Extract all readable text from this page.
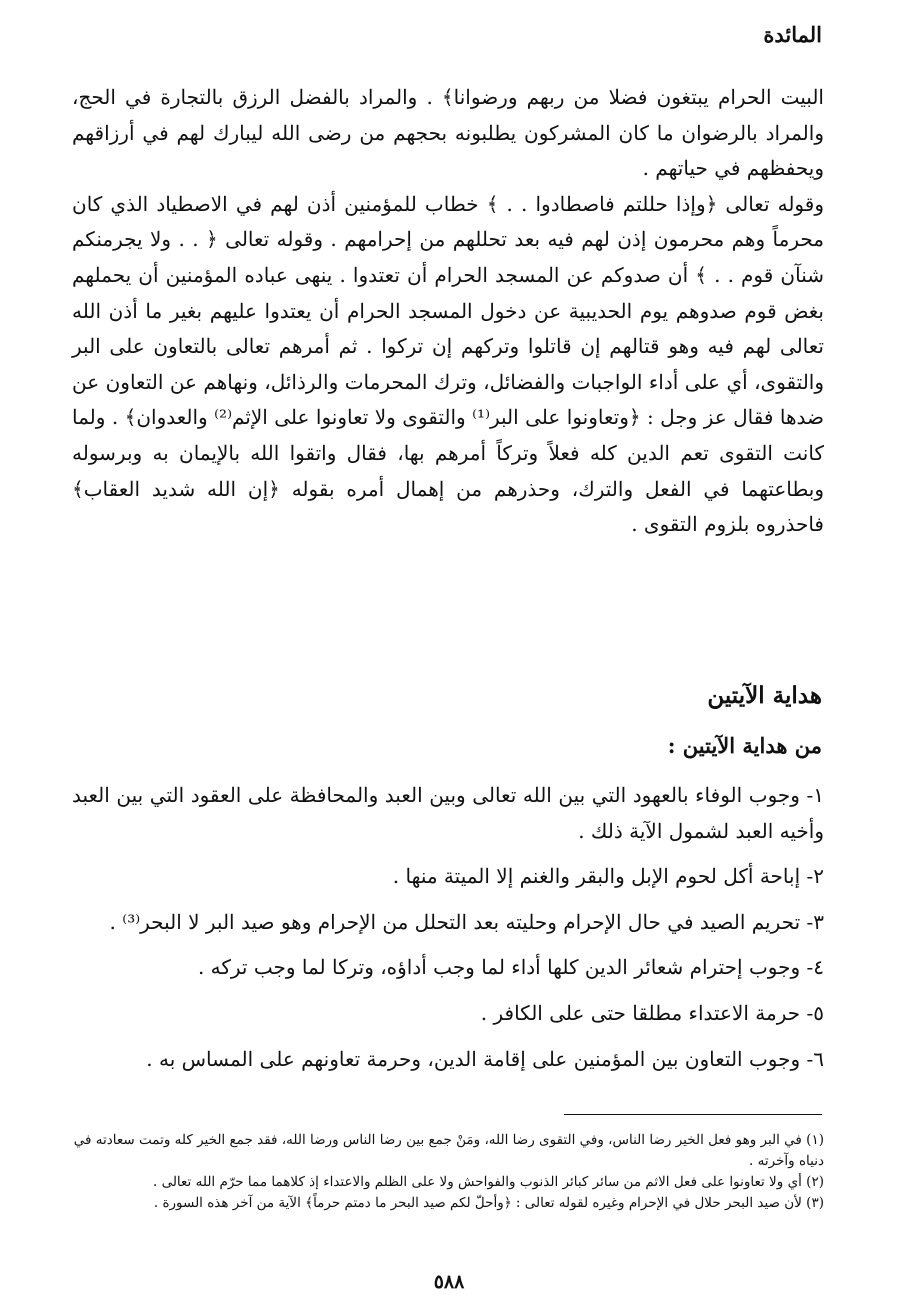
المائدة

البيت الحرام يبتغون فضلا من ربهم ورضوانا﴾ . والمراد بالفضل الرزق بالتجارة في الحج، والمراد بالرضوان ما كان المشركون يطلبونه بحجهم من رضى الله ليبارك لهم في أرزاقهم ويحفظهم في حياتهم .

وقوله تعالى ﴿وإذا حللتم فاصطادوا . . ﴾ خطاب للمؤمنين أذن لهم في الاصطياد الذي كان محرماً وهم محرمون إذن لهم فيه بعد تحللهم من إحرامهم . وقوله تعالى ﴿ . . ولا يجرمنكم شنآن قوم . . ﴾ أن صدوكم عن المسجد الحرام أن تعتدوا . ينهى عباده المؤمنين أن يحملهم بغض قوم صدوهم يوم الحديبية عن دخول المسجد الحرام أن يعتدوا عليهم بغير ما أذن الله تعالى لهم فيه وهو قتالهم إن قاتلوا وتركهم إن تركوا . ثم أمرهم تعالى بالتعاون على البر والتقوى، أي على أداء الواجبات والفضائل، وترك المحرمات والرذائل، ونهاهم عن التعاون عن ضدها فقال عز وجل : ﴿وتعاونوا على البر⁽¹⁾ والتقوى ولا تعاونوا على الإثم⁽²⁾ والعدوان﴾ . ولما كانت التقوى تعم الدين كله فعلاً وتركاً أمرهم بها، فقال واتقوا الله بالإيمان به وبرسوله وبطاعتهما في الفعل والترك، وحذرهم من إهمال أمره بقوله ﴿إن الله شديد العقاب﴾ فاحذروه بلزوم التقوى .

هداية الآيتين
من هداية الآيتين :
١- وجوب الوفاء بالعهود التي بين الله تعالى وبين العبد والمحافظة على العقود التي بين العبد وأخيه العبد لشمول الآية ذلك .
٢- إباحة أكل لحوم الإبل والبقر والغنم إلا الميتة منها .
٣- تحريم الصيد في حال الإحرام وحليته بعد التحلل من الإحرام وهو صيد البر لا البحر⁽³⁾ .
٤- وجوب إحترام شعائر الدين كلها أداء لما وجب أداؤه، وتركا لما وجب تركه .
٥- حرمة الاعتداء مطلقا حتى على الكافر .
٦- وجوب التعاون بين المؤمنين على إقامة الدين، وحرمة تعاونهم على المساس به .
(١) في البر وهو فعل الخير رضا الناس، وفي التقوى رضا الله، ومَنْ جمع بين رضا الناس ورضا الله، فقد جمع الخير كله وتمت سعادته في دنياه وآخرته .
(٢) أي ولا تعاونوا على فعل الاثم من سائر كبائر الذنوب والفواحش ولا على الظلم والاعتداء إذ كلاهما مما حرّم الله تعالى .
(٣) لأن صيد البحر حلال في الإحرام وغيره لقوله تعالى : ﴿وأحلّ لكم صيد البحر ما دمتم حرماً﴾ الآية من آخر هذه السورة .
٥٨٨
